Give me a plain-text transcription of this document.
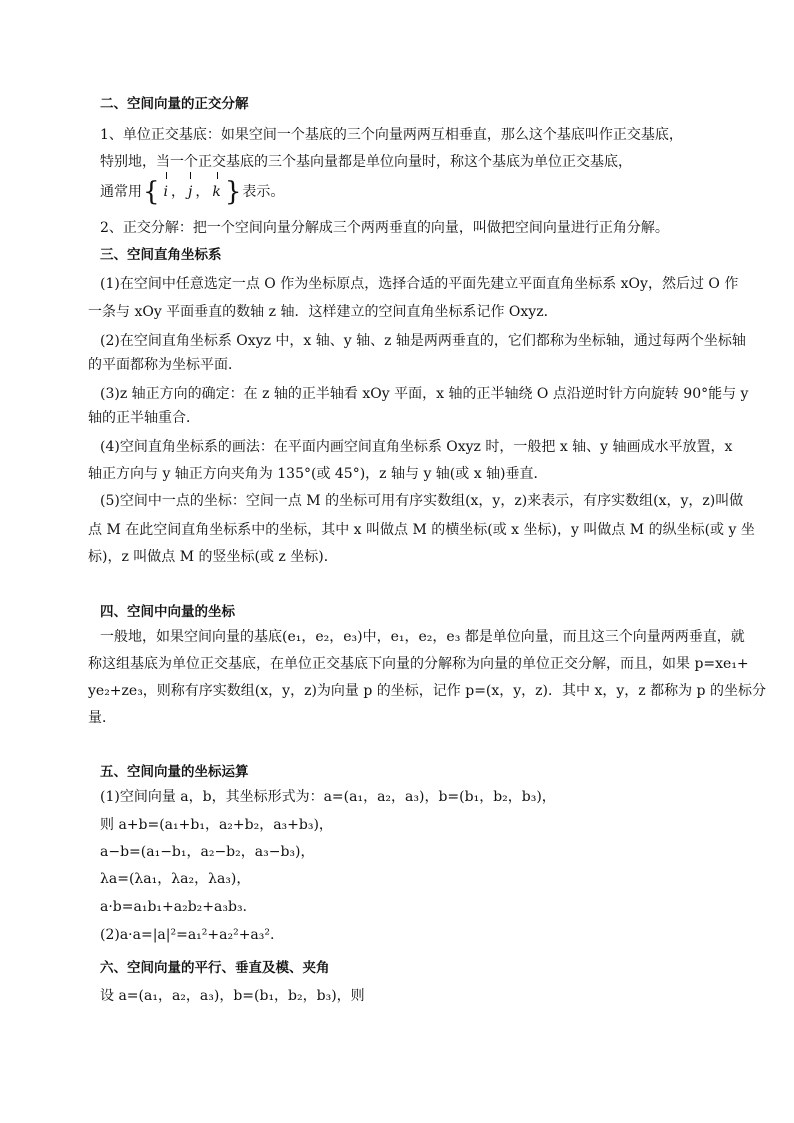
二、空间向量的正交分解
1、单位正交基底：如果空间一个基底的三个向量两两互相垂直，那么这个基底叫作正交基底，
特别地，当一个正交基底的三个基向量都是单位向量时，称这个基底为单位正交基底，
通常用{ i ， j ， k }表示。
2、正交分解：把一个空间向量分解成三个两两垂直的向量，叫做把空间向量进行正角分解。
三、空间直角坐标系
(1)在空间中任意选定一点 O 作为坐标原点，选择合适的平面先建立平面直角坐标系 xOy，然后过 O 作
一条与 xOy 平面垂直的数轴 z 轴．这样建立的空间直角坐标系记作 Oxyz．
(2)在空间直角坐标系 Oxyz 中，x 轴、y 轴、z 轴是两两垂直的，它们都称为坐标轴，通过每两个坐标轴
的平面都称为坐标平面．
(3)z 轴正方向的确定：在 z 轴的正半轴看 xOy 平面，x 轴的正半轴绕 O 点沿逆时针方向旋转 90°能与 y
轴的正半轴重合．
(4)空间直角坐标系的画法：在平面内画空间直角坐标系 Oxyz 时，一般把 x 轴、y 轴画成水平放置，x
轴正方向与 y 轴正方向夹角为 135°(或 45°)，z 轴与 y 轴(或 x 轴)垂直．
(5)空间中一点的坐标：空间一点 M 的坐标可用有序实数组(x，y，z)来表示，有序实数组(x，y，z)叫做
点 M 在此空间直角坐标系中的坐标，其中 x 叫做点 M 的横坐标(或 x 坐标)，y 叫做点 M 的纵坐标(或 y 坐
标)，z 叫做点 M 的竖坐标(或 z 坐标)．
四、空间中向量的坐标
一般地，如果空间向量的基底(e₁，e₂，e₃)中，e₁，e₂，e₃ 都是单位向量，而且这三个向量两两垂直，就
称这组基底为单位正交基底，在单位正交基底下向量的分解称为向量的单位正交分解，而且，如果 p=xe₁+
ye₂+ze₃，则称有序实数组(x，y，z)为向量 p 的坐标，记作 p=(x，y，z)．其中 x，y，z 都称为 p 的坐标分
量．
五、空间向量的坐标运算
(1)空间向量 a，b，其坐标形式为：a=(a₁，a₂，a₃)，b=(b₁，b₂，b₃)，
则 a+b=(a₁+b₁，a₂+b₂，a₃+b₃)，
a−b=(a₁−b₁，a₂−b₂，a₃−b₃)，
λa=(λa₁，λa₂，λa₃)，
a·b=a₁b₁+a₂b₂+a₃b₃.
(2)a·a=|a|²=a₁²+a₂²+a₃².
六、空间向量的平行、垂直及模、夹角
设 a=(a₁，a₂，a₃)，b=(b₁，b₂，b₃)，则
